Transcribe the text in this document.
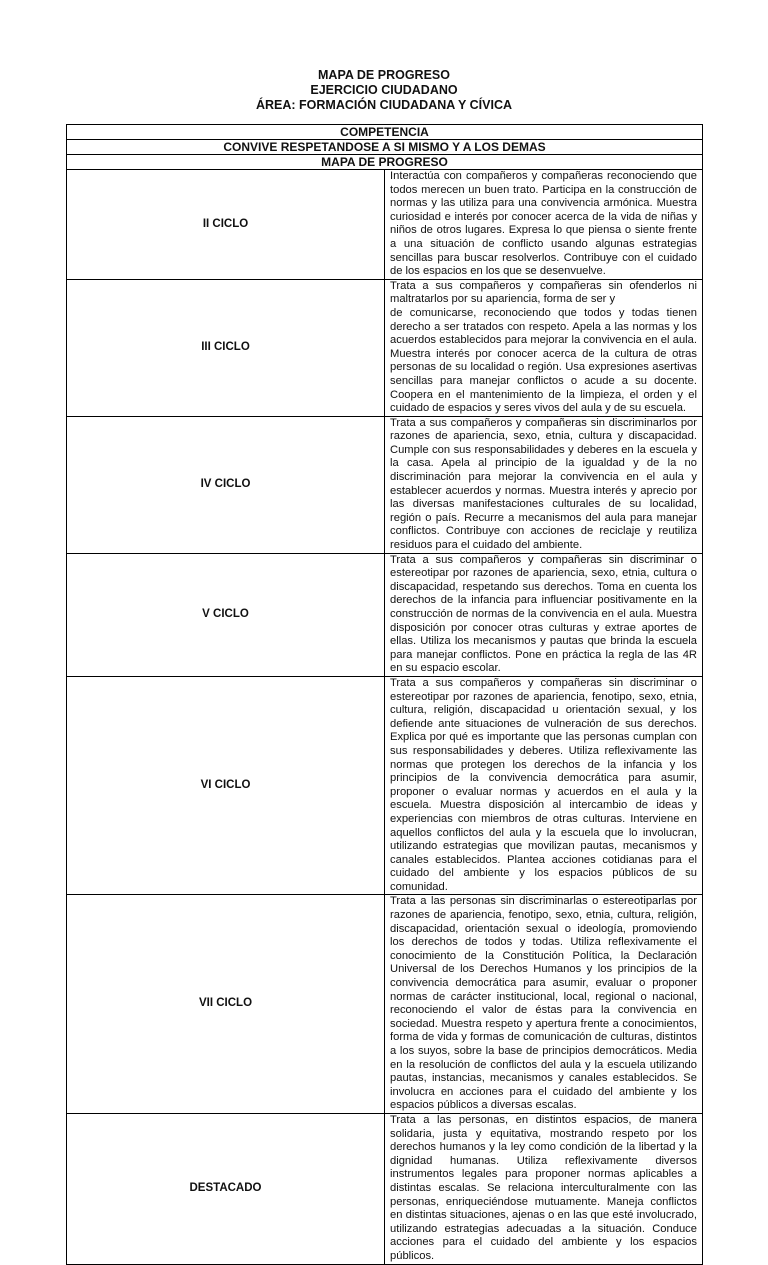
MAPA DE PROGRESO
EJERCICIO CIUDADANO
ÁREA: FORMACIÓN CIUDADANA Y CÍVICA
COMPETENCIA	
CONVIVE RESPETANDOSE A SI MISMO Y A LOS DEMAS	
MAPA DE PROGRESO	
II CICLO	Interactúa con compañeros y compañeras reconociendo que todos merecen un buen trato. Participa en la construcción de normas y las utiliza para una convivencia armónica. Muestra curiosidad e interés por conocer acerca de la vida de niñas y niños de otros lugares. Expresa lo que piensa o siente frente a una situación de conflicto usando algunas estrategias sencillas para buscar resolverlos. Contribuye con el cuidado de los espacios en los que se desenvuelve.
III CICLO	Trata a sus compañeros y compañeras sin ofenderlos ni maltratarlos por su apariencia, forma de ser y
de comunicarse, reconociendo que todos y todas tienen derecho a ser tratados con respeto. Apela a las normas y los acuerdos establecidos para mejorar la convivencia en el aula. Muestra interés por conocer acerca de la cultura de otras personas de su localidad o región. Usa expresiones asertivas sencillas para manejar conflictos o acude a su docente. Coopera en el mantenimiento de la limpieza, el orden y el cuidado de espacios y seres vivos del aula y de su escuela.
IV CICLO	Trata a sus compañeros y compañeras sin discriminarlos por razones de apariencia, sexo, etnia, cultura y discapacidad. Cumple con sus responsabilidades y deberes en la escuela y la casa. Apela al principio de la igualdad y de la no discriminación para mejorar la convivencia en el aula y establecer acuerdos y normas. Muestra interés y aprecio por las diversas manifestaciones culturales de su localidad, región o país. Recurre a mecanismos del aula para manejar conflictos. Contribuye con acciones de reciclaje y reutiliza residuos para el cuidado del ambiente.
V CICLO	Trata a sus compañeros y compañeras sin discriminar o estereotipar por razones de apariencia, sexo, etnia, cultura o discapacidad, respetando sus derechos. Toma en cuenta los derechos de la infancia para influenciar positivamente en la construcción de normas de la convivencia en el aula. Muestra disposición por conocer otras culturas y extrae aportes de ellas. Utiliza los mecanismos y pautas que brinda la escuela para manejar conflictos. Pone en práctica la regla de las 4R en su espacio escolar.
VI CICLO	Trata a sus compañeros y compañeras sin discriminar o estereotipar por razones de apariencia, fenotipo, sexo, etnia, cultura, religión, discapacidad u orientación sexual, y los defiende ante situaciones de vulneración de sus derechos. Explica por qué es importante que las personas cumplan con sus responsabilidades y deberes. Utiliza reflexivamente las normas que protegen los derechos de la infancia y los principios de la convivencia democrática para asumir, proponer o evaluar normas y acuerdos en el aula y la escuela. Muestra disposición al intercambio de ideas y experiencias con miembros de otras culturas. Interviene en aquellos conflictos del aula y la escuela que lo involucran, utilizando estrategias que movilizan pautas, mecanismos y canales establecidos. Plantea acciones cotidianas para el cuidado del ambiente y los espacios públicos de su comunidad.
VII CICLO	Trata a las personas sin discriminarlas o estereotiparlas por razones de apariencia, fenotipo, sexo, etnia, cultura, religión, discapacidad, orientación sexual o ideología, promoviendo los derechos de todos y todas. Utiliza reflexivamente el conocimiento de la Constitución Política, la Declaración Universal de los Derechos Humanos y los principios de la convivencia democrática para asumir, evaluar o proponer normas de carácter institucional, local, regional o nacional, reconociendo el valor de éstas para la convivencia en sociedad. Muestra respeto y apertura frente a conocimientos, forma de vida y formas de comunicación de culturas, distintos a los suyos, sobre la base de principios democráticos. Media en la resolución de conflictos del aula y la escuela utilizando pautas, instancias, mecanismos y canales establecidos. Se involucra en acciones para el cuidado del ambiente y los espacios públicos a diversas escalas.
DESTACADO	Trata a las personas, en distintos espacios, de manera solidaria, justa y equitativa, mostrando respeto por los derechos humanos y la ley como condición de la libertad y la dignidad humanas. Utiliza reflexivamente diversos instrumentos legales para proponer normas aplicables a distintas escalas. Se relaciona interculturalmente con las personas, enriqueciéndose mutuamente. Maneja conflictos en distintas situaciones, ajenas o en las que esté involucrado, utilizando estrategias adecuadas a la situación. Conduce acciones para el cuidado del ambiente y los espacios públicos.
